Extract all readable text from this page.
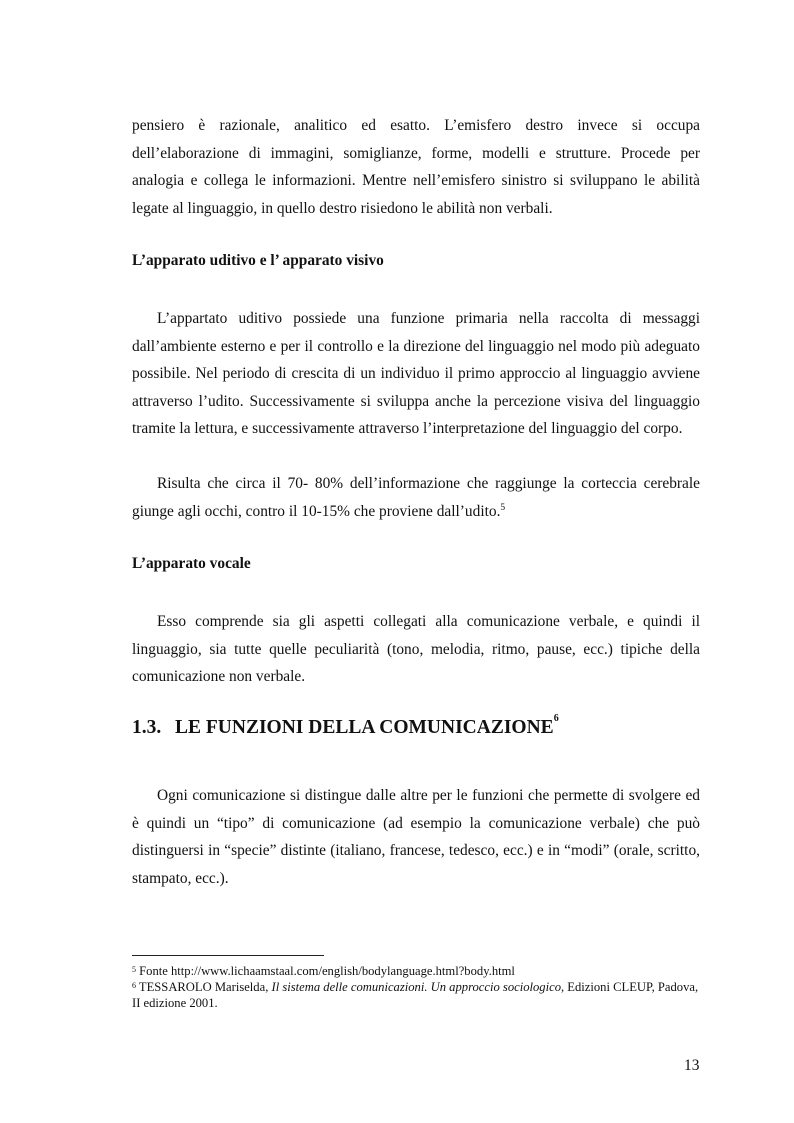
pensiero è razionale, analitico ed esatto. L’emisfero destro invece si occupa dell’elaborazione di immagini, somiglianze, forme, modelli e strutture. Procede per analogia e collega le informazioni. Mentre nell’emisfero sinistro si sviluppano le abilità legate al linguaggio, in quello destro risiedono le abilità non verbali.

L’apparato uditivo e l’ apparato visivo

L’appartato uditivo possiede una funzione primaria nella raccolta di messaggi dall’ambiente esterno e per il controllo e la direzione del linguaggio nel modo più adeguato possibile. Nel periodo di crescita di un individuo il primo approccio al linguaggio avviene attraverso l’udito. Successivamente si sviluppa anche la percezione visiva del linguaggio tramite la lettura, e successivamente attraverso l’interpretazione del linguaggio del corpo.

Risulta che circa il 70- 80% dell’informazione che raggiunge la corteccia cerebrale giunge agli occhi, contro il 10-15% che proviene dall’udito.$^5$

L’apparato vocale

Esso comprende sia gli aspetti collegati alla comunicazione verbale, e quindi il linguaggio, sia tutte quelle peculiarità (tono, melodia, ritmo, pause, ecc.) tipiche della comunicazione non verbale.

1.3. LE FUNZIONI DELLA COMUNICAZIONE$^6$

Ogni comunicazione si distingue dalle altre per le funzioni che permette di svolgere ed è quindi un “tipo” di comunicazione (ad esempio la comunicazione verbale) che può distinguersi in “specie” distinte (italiano, francese, tedesco, ecc.) e in “modi” (orale, scritto, stampato, ecc.).

$^5$ Fonte http://www.lichaamstaal.com/english/bodylanguage.html?body.html

$^6$ TESSAROLO Mariselda, Il sistema delle comunicazioni. Un approccio sociologico, Edizioni CLEUP, Padova, II edizione 2001.

13
